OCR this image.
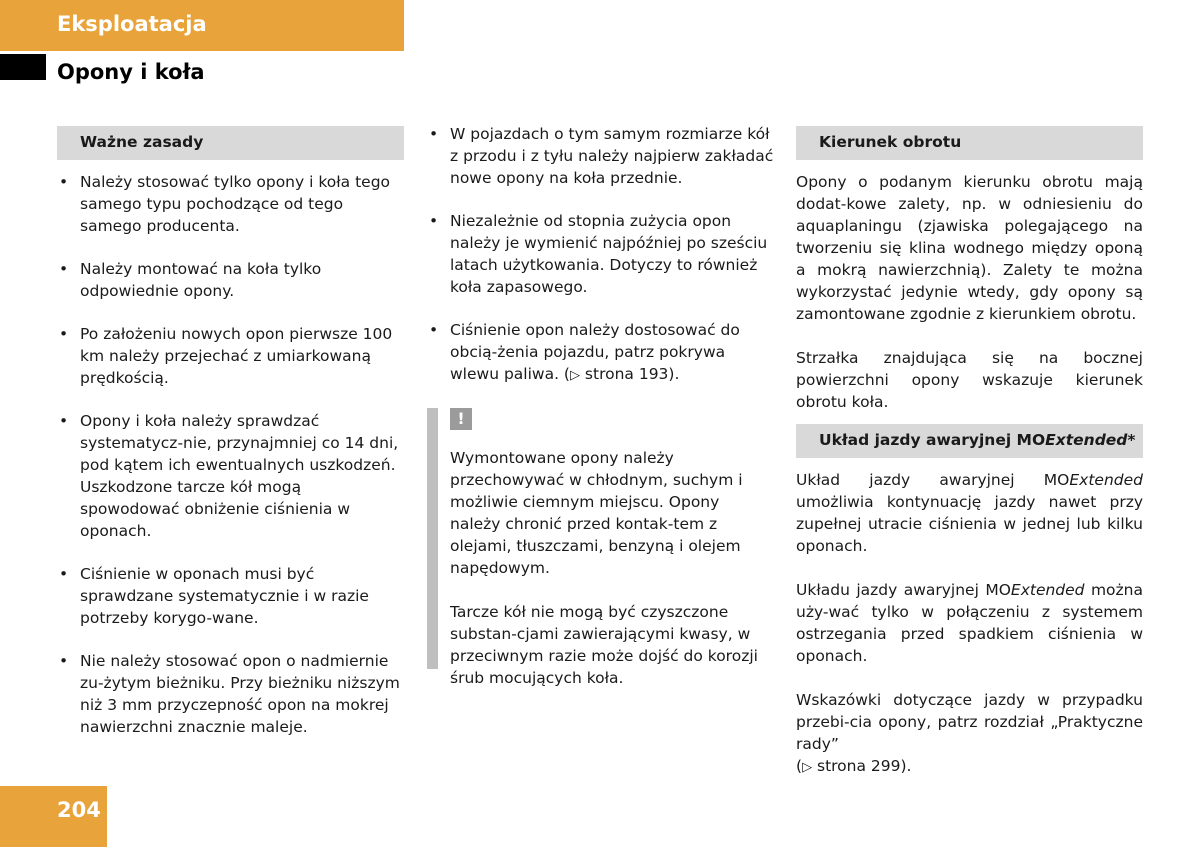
Eksploatacja
Opony i koła
Ważne zasady
• Należy stosować tylko opony i koła tego samego typu pochodzące od tego samego producenta.
• Należy montować na koła tylko odpowiednie opony.
• Po założeniu nowych opon pierwsze 100 km należy przejechać z umiarkowaną prędkością.
• Opony i koła należy sprawdzać systematycz-nie, przynajmniej co 14 dni, pod kątem ich ewentualnych uszkodzeń. Uszkodzone tarcze kół mogą spowodować obniżenie ciśnienia w oponach.
• Ciśnienie w oponach musi być sprawdzane systematycznie i w razie potrzeby korygo-wane.
• Nie należy stosować opon o nadmiernie zu-żytym bieżniku. Przy bieżniku niższym niż 3 mm przyczepność opon na mokrej nawierzchni znacznie maleje.
• W pojazdach o tym samym rozmiarze kół z przodu i z tyłu należy najpierw zakładać nowe opony na koła przednie.
• Niezależnie od stopnia zużycia opon należy je wymienić najpóźniej po sześciu latach użytkowania. Dotyczy to również koła zapasowego.
• Ciśnienie opon należy dostosować do obcią-żenia pojazdu, patrz pokrywa wlewu paliwa. (▷ strona 193).
!

Wymontowane opony należy przechowywać w chłodnym, suchym i możliwie ciemnym miejscu. Opony należy chronić przed kontak-tem z olejami, tłuszczami, benzyną i olejem napędowym.

Tarcze kół nie mogą być czyszczone substan-cjami zawierającymi kwasy, w przeciwnym razie może dojść do korozji śrub mocujących koła.

Kierunek obrotu

Opony o podanym kierunku obrotu mają dodat-kowe zalety, np. w odniesieniu do aquaplaningu (zjawiska polegającego na tworzeniu się klina wodnego między oponą a mokrą nawierzchnią). Zalety te można wykorzystać jedynie wtedy, gdy opony są zamontowane zgodnie z kierunkiem obrotu.

Strzałka znajdująca się na bocznej powierzchni opony wskazuje kierunek obrotu koła.

Układ jazdy awaryjnej MOExtended*

Układ jazdy awaryjnej MOExtended umożliwia kontynuację jazdy nawet przy zupełnej utracie ciśnienia w jednej lub kilku oponach.

Układu jazdy awaryjnej MOExtended można uży-wać tylko w połączeniu z systemem ostrzegania przed spadkiem ciśnienia w oponach.

Wskazówki dotyczące jazdy w przypadku przebi-cia opony, patrz rozdział „Praktyczne rady”
(▷ strona 299).

204
